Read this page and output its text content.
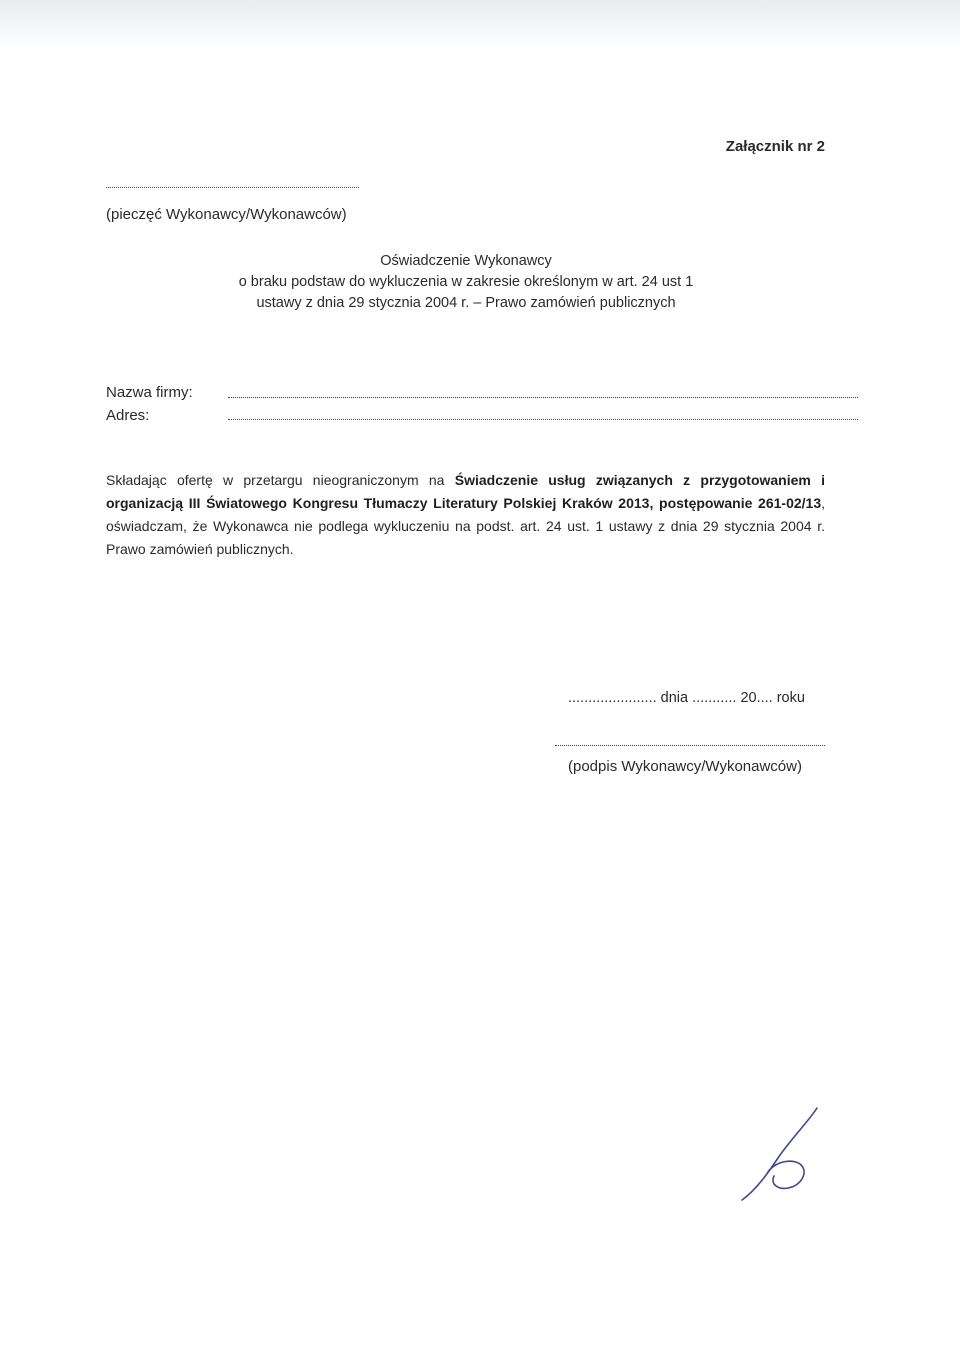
Załącznik nr 2
(pieczęć Wykonawcy/Wykonawców)
Oświadczenie Wykonawcy
o braku podstaw do wykluczenia w zakresie określonym w art. 24 ust 1
ustawy z dnia 29 stycznia 2004 r. – Prawo zamówień publicznych
Nazwa firmy:
Adres:
Składając ofertę w przetargu nieograniczonym na Świadczenie usług związanych z przygotowaniem i organizacją III Światowego Kongresu Tłumaczy Literatury Polskiej Kraków 2013, postępowanie 261-02/13, oświadczam, że Wykonawca nie podlega wykluczeniu na podst. art. 24 ust. 1 ustawy z dnia 29 stycznia 2004 r. Prawo zamówień publicznych.
...................... dnia ........... 20.... roku
(podpis Wykonawcy/Wykonawców)
